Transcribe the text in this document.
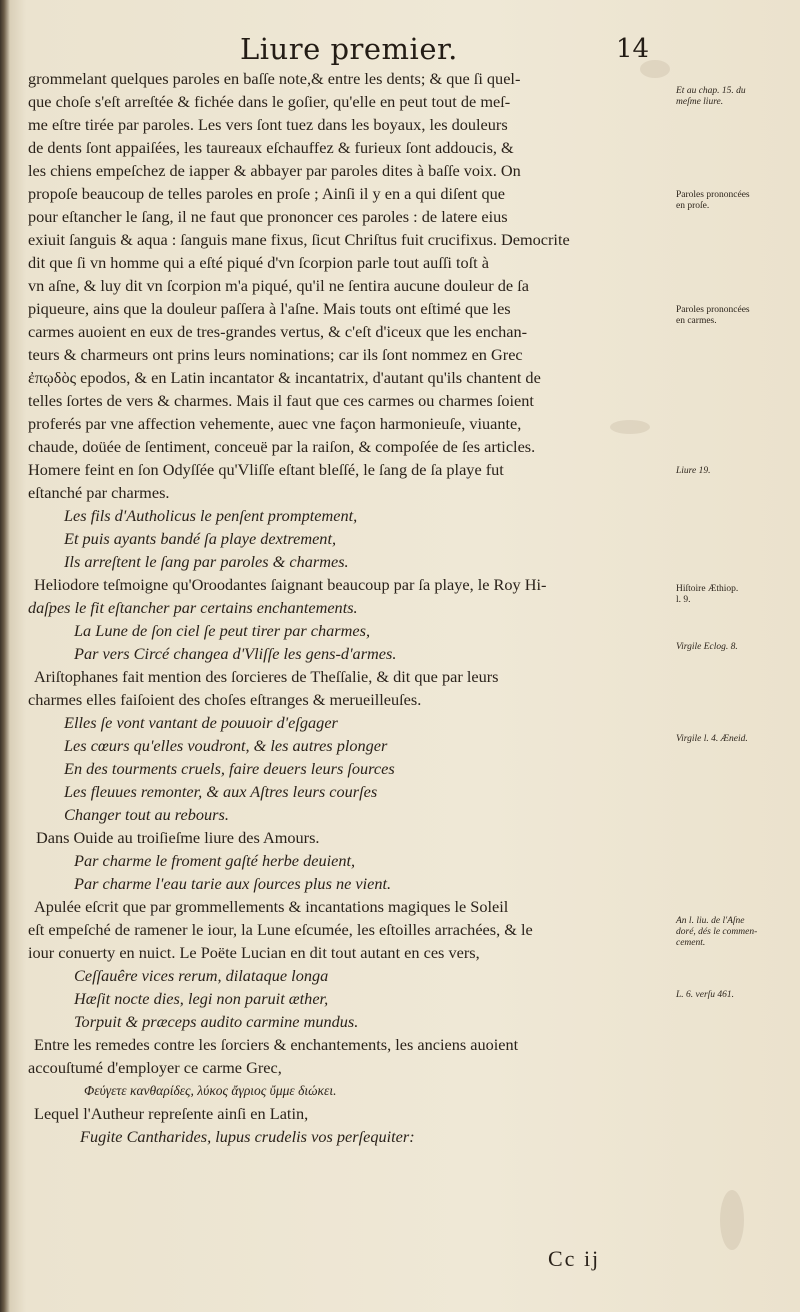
Liure premier.	14
grommelant quelques paroles en baſſe note,& entre les dents; & que ſi quel-
que choſe s'eſt arreſtée & fichée dans le goſier, qu'elle en peut tout de meſ-
me eſtre tirée par paroles. Les vers ſont tuez dans les boyaux, les douleurs
de dents ſont appaiſées, les taureaux eſchauffez & furieux ſont addoucis, &
les chiens empeſchez de iapper & abbayer par paroles dites à baſſe voix. On
propoſe beaucoup de telles paroles en proſe ; Ainſi il y en a qui diſent que
pour eſtancher le ſang, il ne faut que prononcer ces paroles : de latere eius
exiuit ſanguis & aqua : ſanguis mane fixus, ſicut Chriſtus fuit crucifixus. Democrite
dit que ſi vn homme qui a eſté piqué d'vn ſcorpion parle tout auſſi toſt à
vn aſne, & luy dit vn ſcorpion m'a piqué, qu'il ne ſentira aucune douleur de ſa
piqueure, ains que la douleur paſſera à l'aſne. Mais touts ont eſtimé que les
carmes auoient en eux de tres-grandes vertus, & c'eſt d'iceux que les enchan-
teurs & charmeurs ont prins leurs nominations; car ils ſont nommez en Grec
ἐπῳδὸς epodos, & en Latin incantator & incantatrix, d'autant qu'ils chantent de
telles ſortes de vers & charmes. Mais il faut que ces carmes ou charmes ſoient
proferés par vne affection vehemente, auec vne façon harmonieuſe, viuante,
chaude, doüée de ſentiment, conceuë par la raiſon, & compoſée de ſes articles.
Homere feint en ſon Odyſſée qu'Vliſſe eſtant bleſſé, le ſang de ſa playe fut
eſtanché par charmes.
Les fils d'Autholicus le penſent promptement,
Et puis ayants bandé ſa playe dextrement,
Ils arreſtent le ſang par paroles & charmes.
Heliodore teſmoigne qu'Oroodantes ſaignant beaucoup par ſa playe, le Roy Hi-
daſpes le fit eſtancher par certains enchantements.
La Lune de ſon ciel ſe peut tirer par charmes,
Par vers Circé changea d'Vliſſe les gens-d'armes.
Ariſtophanes fait mention des ſorcieres de Theſſalie, & dit que par leurs
charmes elles faiſoient des choſes eſtranges & merueilleuſes.
Elles ſe vont vantant de pouuoir d'eſgager
Les cœurs qu'elles voudront, & les autres plonger
En des tourments cruels, faire deuers leurs ſources
Les fleuues remonter, & aux Aſtres leurs courſes
Changer tout au rebours.
Dans Ouide au troiſieſme liure des Amours.
Par charme le froment gaſté herbe deuient,
Par charme l'eau tarie aux ſources plus ne vient.
Apulée eſcrit que par grommellements & incantations magiques le Soleil
eſt empeſché de ramener le iour, la Lune eſcumée, les eſtoilles arrachées, & le
iour conuerty en nuict. Le Poëte Lucian en dit tout autant en ces vers,
Ceſſauêre vices rerum, dilataque longa
Hæſit nocte dies, legi non paruit æther,
Torpuit & præceps audito carmine mundus.
Entre les remedes contre les ſorciers & enchantements, les anciens auoient
accouſtumé d'employer ce carme Grec,
Φεύγετε κανθαρίδες, λύκος ἄγριος ὔμμε διώκει.
Lequel l'Autheur repreſente ainſi en Latin,
Fugite Cantharides, lupus crudelis vos perſequiter:
Et au chap. 15. du
meſme liure.
Paroles prononcées
en proſe.
Paroles prononcées
en carmes.
Liure 19.
Hiſtoire Æthiop.
l. 9.
Virgile Eclog. 8.
Virgile l. 4. Æneid.
An l. liu. de l'Aſne
doré, dés le commen-
cement.
L. 6. verſu 461.
Cc ij
